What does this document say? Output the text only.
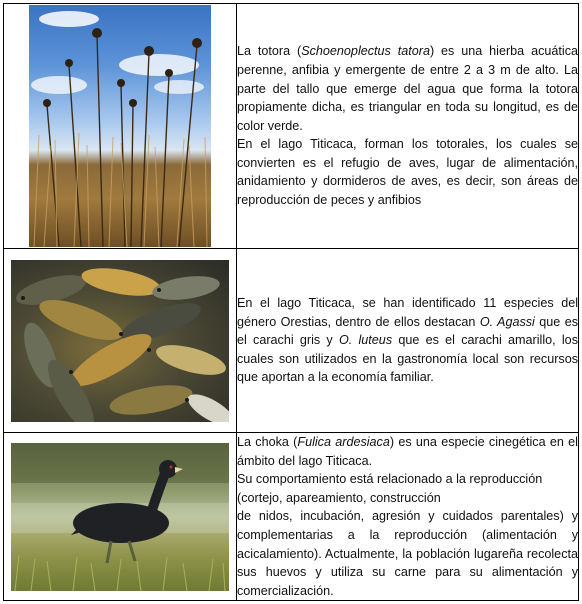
La totora (Schoenoplectus tatora) es una hierba acuática perenne, anfibia y emergente de entre 2 a 3 m de alto. La parte del tallo que emerge del agua que forma la totora propiamente dicha, es triangular en toda su longitud, es de color verde.

En el lago Titicaca, forman los totorales, los cuales se convierten es el refugio de aves, lugar de alimentación, anidamiento y dormideros de aves, es decir, son áreas de reproducción de peces y anfibios

En el lago Titicaca, se han identificado 11 especies del género Orestias, dentro de ellos destacan O. Agassi que es el carachi gris y O. luteus que es el carachi amarillo, los cuales son utilizados en la gastronomía local son recursos que aportan a la economía familiar.

La choka (Fulica ardesiaca) es una especie cinegética en el ámbito del lago Titicaca.

Su comportamiento está relacionado a la reproducción (cortejo, apareamiento, construcción

de nidos, incubación, agresión y cuidados parentales) y complementarias a la reproducción (alimentación y acicalamiento). Actualmente, la población lugareña recolecta sus huevos y utiliza su carne para su alimentación y comercialización.
